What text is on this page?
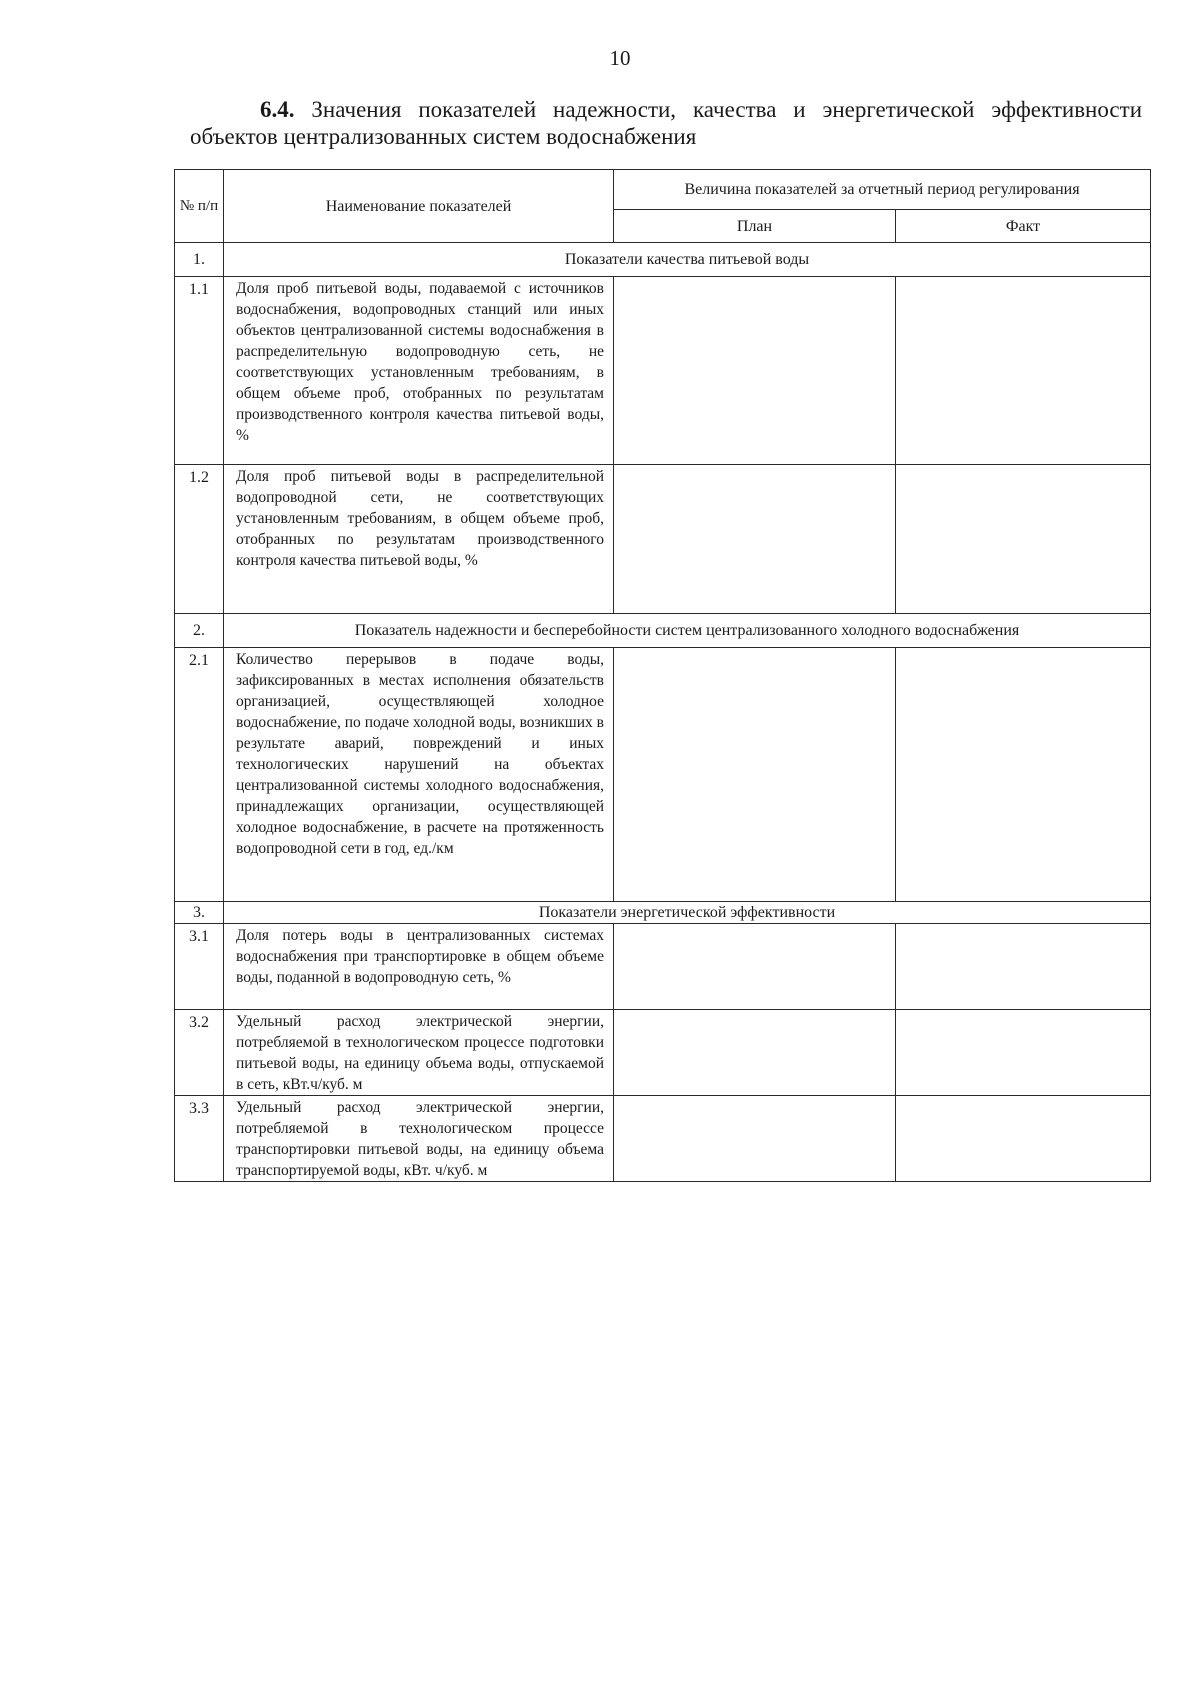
10
6.4. Значения показателей надежности, качества и энергетической эффективности объектов централизованных систем водоснабжения
№ п/п	Наименование показателей	Величина показателей за отчетный период регулирования	
		План	Факт
1.	Показатели качества питьевой воды		
1.1	Доля проб питьевой воды, подаваемой с источников водоснабжения, водопроводных станций или иных объектов централизованной системы водоснабжения в распределительную водопроводную сеть, не соответствующих установленным требованиям, в общем объеме проб, отобранных по результатам производственного контроля качества питьевой воды, %		
1.2	Доля проб питьевой воды в распределительной водопроводной сети, не соответствующих установленным требованиям, в общем объеме проб, отобранных по результатам производственного контроля качества питьевой воды, %		
2.	Показатель надежности и бесперебойности систем централизованного холодного водоснабжения		
2.1	Количество перерывов в подаче воды, зафиксированных в местах исполнения обязательств организацией, осуществляющей холодное водоснабжение, по подаче холодной воды, возникших в результате аварий, повреждений и иных технологических нарушений на объектах централизованной системы холодного водоснабжения, принадлежащих организации, осуществляющей холодное водоснабжение, в расчете на протяженность водопроводной сети в год, ед./км		
3.	Показатели энергетической эффективности		
3.1	Доля потерь воды в централизованных системах водоснабжения при транспортировке в общем объеме воды, поданной в водопроводную сеть, %		
3.2	Удельный расход электрической энергии, потребляемой в технологическом процессе подготовки питьевой воды, на единицу объема воды, отпускаемой в сеть, кВт.ч/куб. м		
3.3	Удельный расход электрической энергии, потребляемой в технологическом процессе транспортировки питьевой воды, на единицу объема транспортируемой воды, кВт. ч/куб. м		
